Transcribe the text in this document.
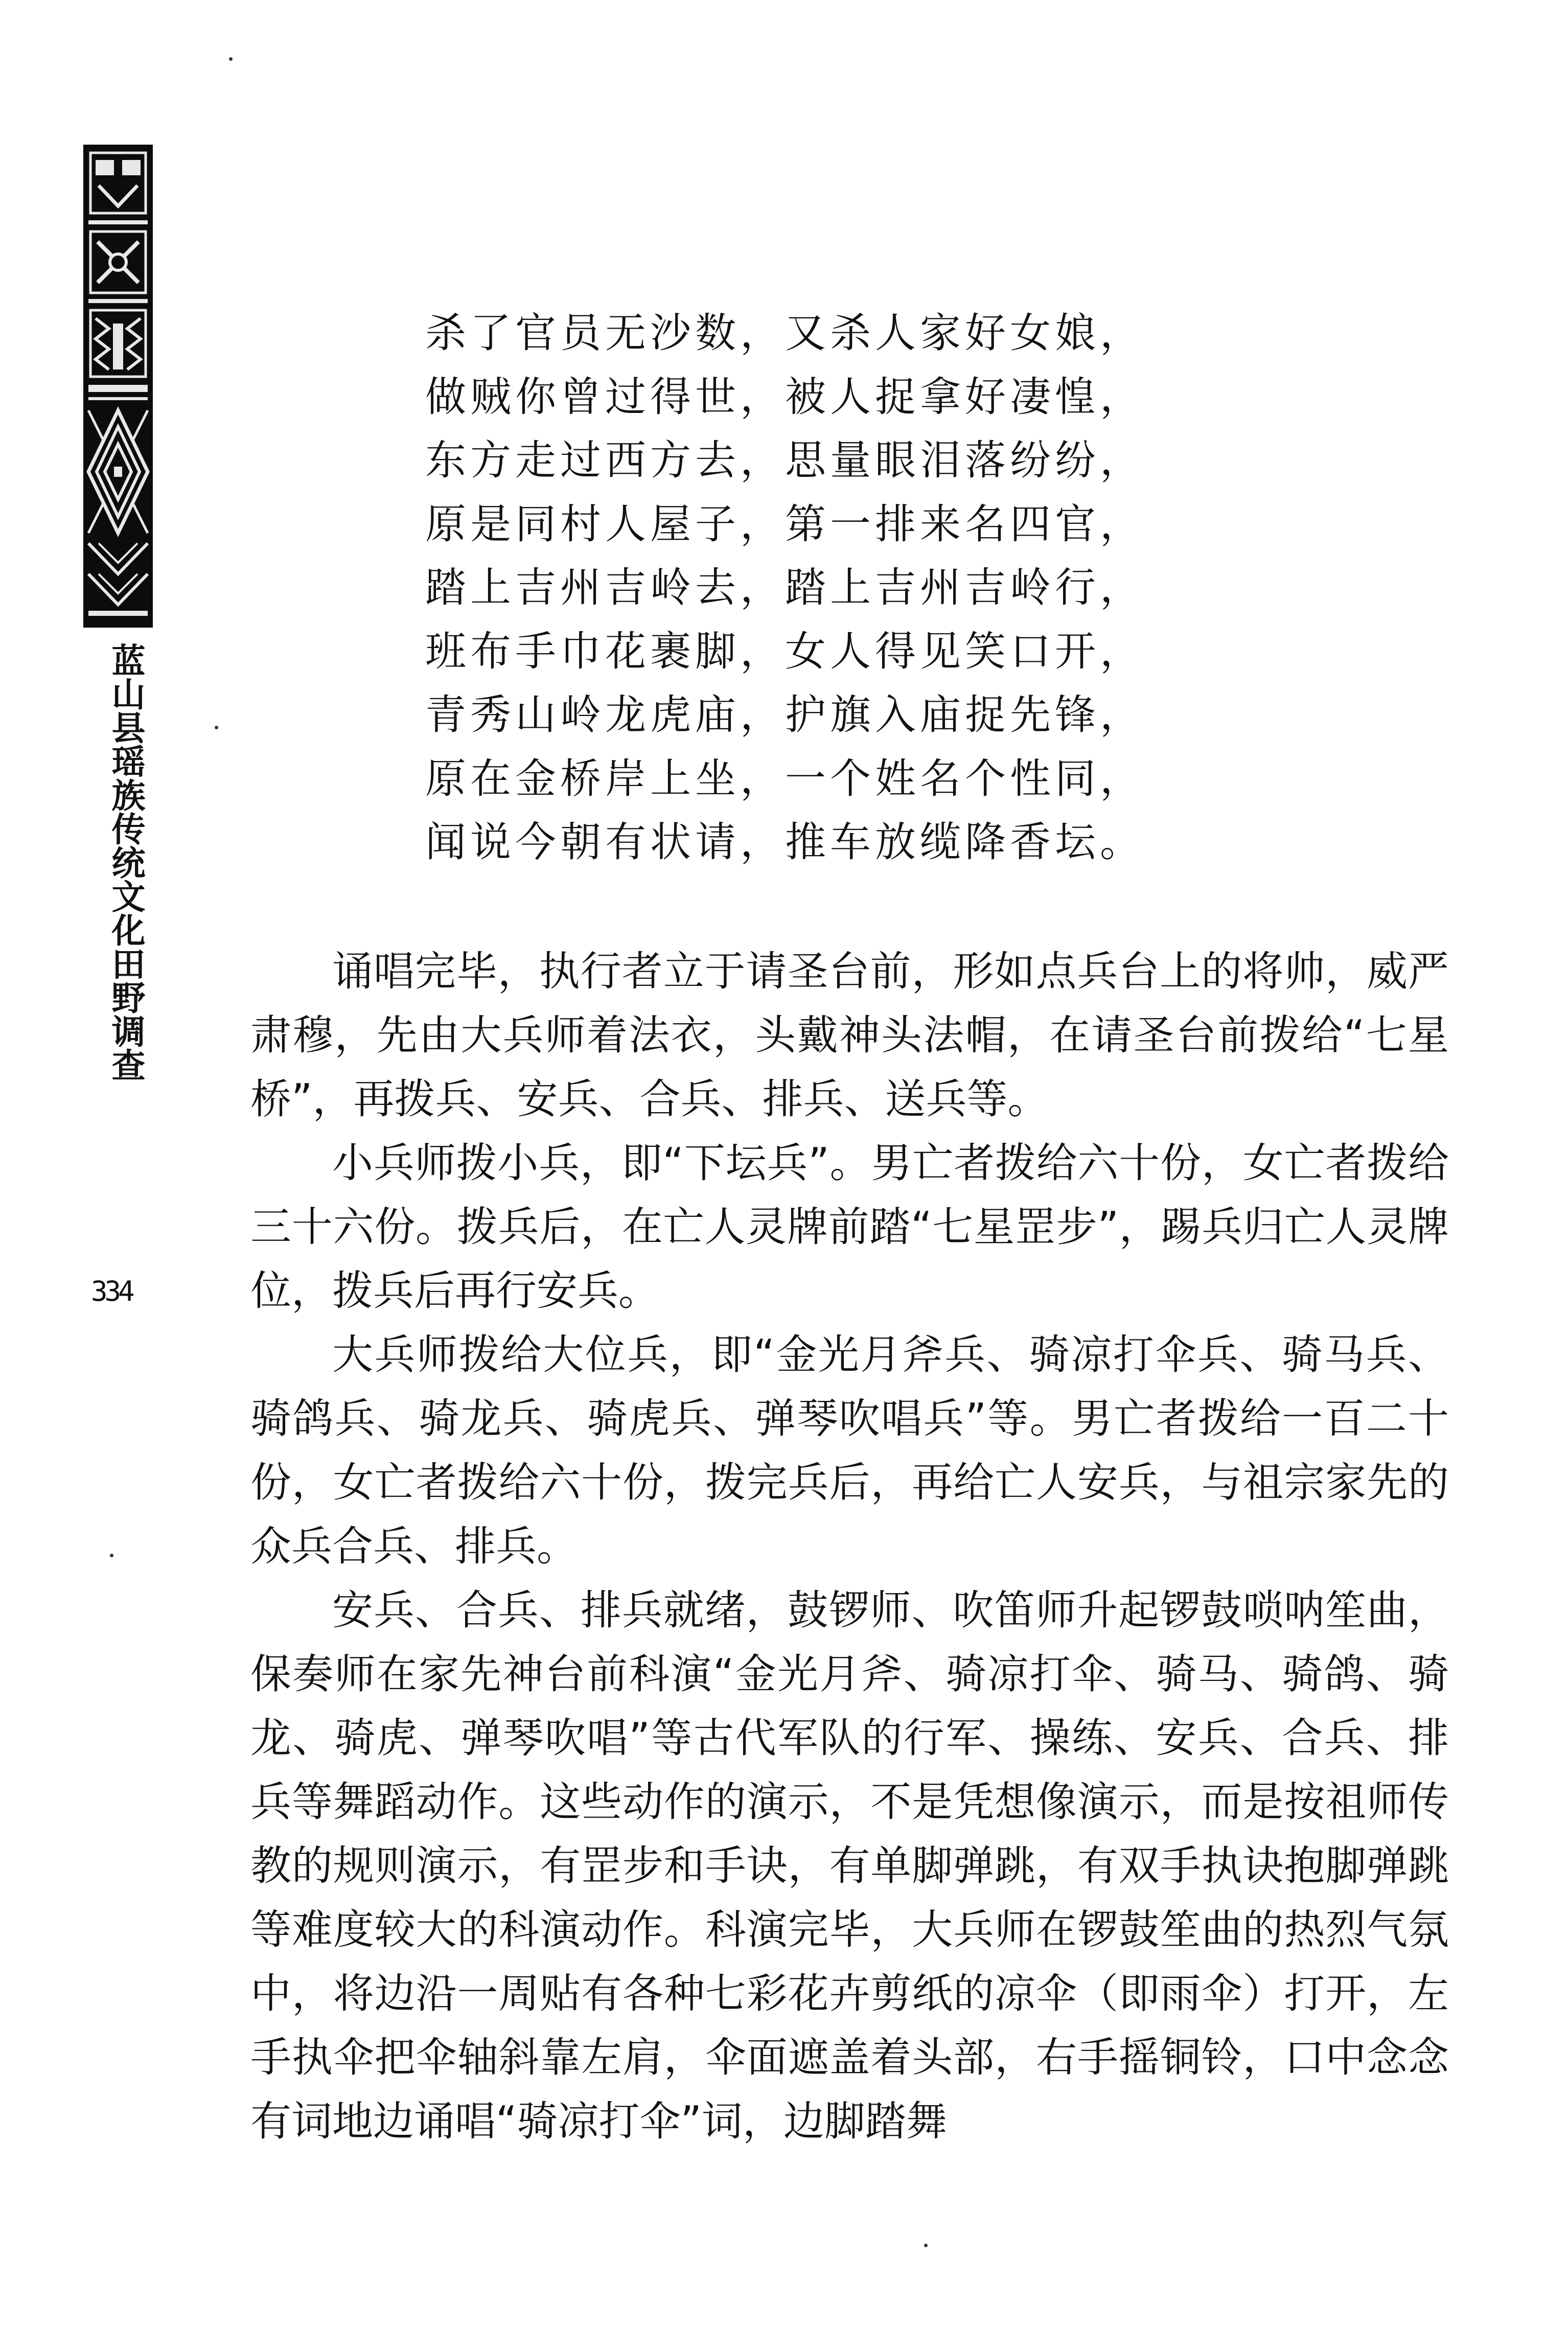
蓝山县瑶族传统文化田野调查
334
杀了官员无沙数，又杀人家好女娘，
做贼你曾过得世，被人捉拿好凄惶，
东方走过西方去，思量眼泪落纷纷，
原是同村人屋子，第一排来名四官，
踏上吉州吉岭去，踏上吉州吉岭行，
班布手巾花裹脚，女人得见笑口开，
青秀山岭龙虎庙，护旗入庙捉先锋，
原在金桥岸上坐，一个姓名个性同，
闻说今朝有状请，推车放缆降香坛。

诵唱完毕，执行者立于请圣台前，形如点兵台上的将帅，威严肃穆，先由大兵师着法衣，头戴神头法帽，在请圣台前拨给“七星桥”，再拨兵、安兵、合兵、排兵、送兵等。

小兵师拨小兵，即“下坛兵”。男亡者拨给六十份，女亡者拨给三十六份。拨兵后，在亡人灵牌前踏“七星罡步”，踢兵归亡人灵牌位，拨兵后再行安兵。

大兵师拨给大位兵，即“金光月斧兵、骑凉打伞兵、骑马兵、骑鸽兵、骑龙兵、骑虎兵、弹琴吹唱兵”等。男亡者拨给一百二十份，女亡者拨给六十份，拨完兵后，再给亡人安兵，与祖宗家先的众兵合兵、排兵。

安兵、合兵、排兵就绪，鼓锣师、吹笛师升起锣鼓唢呐笙曲，保奏师在家先神台前科演“金光月斧、骑凉打伞、骑马、骑鸽、骑龙、骑虎、弹琴吹唱”等古代军队的行军、操练、安兵、合兵、排兵等舞蹈动作。这些动作的演示，不是凭想像演示，而是按祖师传教的规则演示，有罡步和手诀，有单脚弹跳，有双手执诀抱脚弹跳等难度较大的科演动作。科演完毕，大兵师在锣鼓笙曲的热烈气氛中，将边沿一周贴有各种七彩花卉剪纸的凉伞（即雨伞）打开，左手执伞把伞轴斜靠左肩，伞面遮盖着头部，右手摇铜铃，口中念念有词地边诵唱“骑凉打伞”词，边脚踏舞
